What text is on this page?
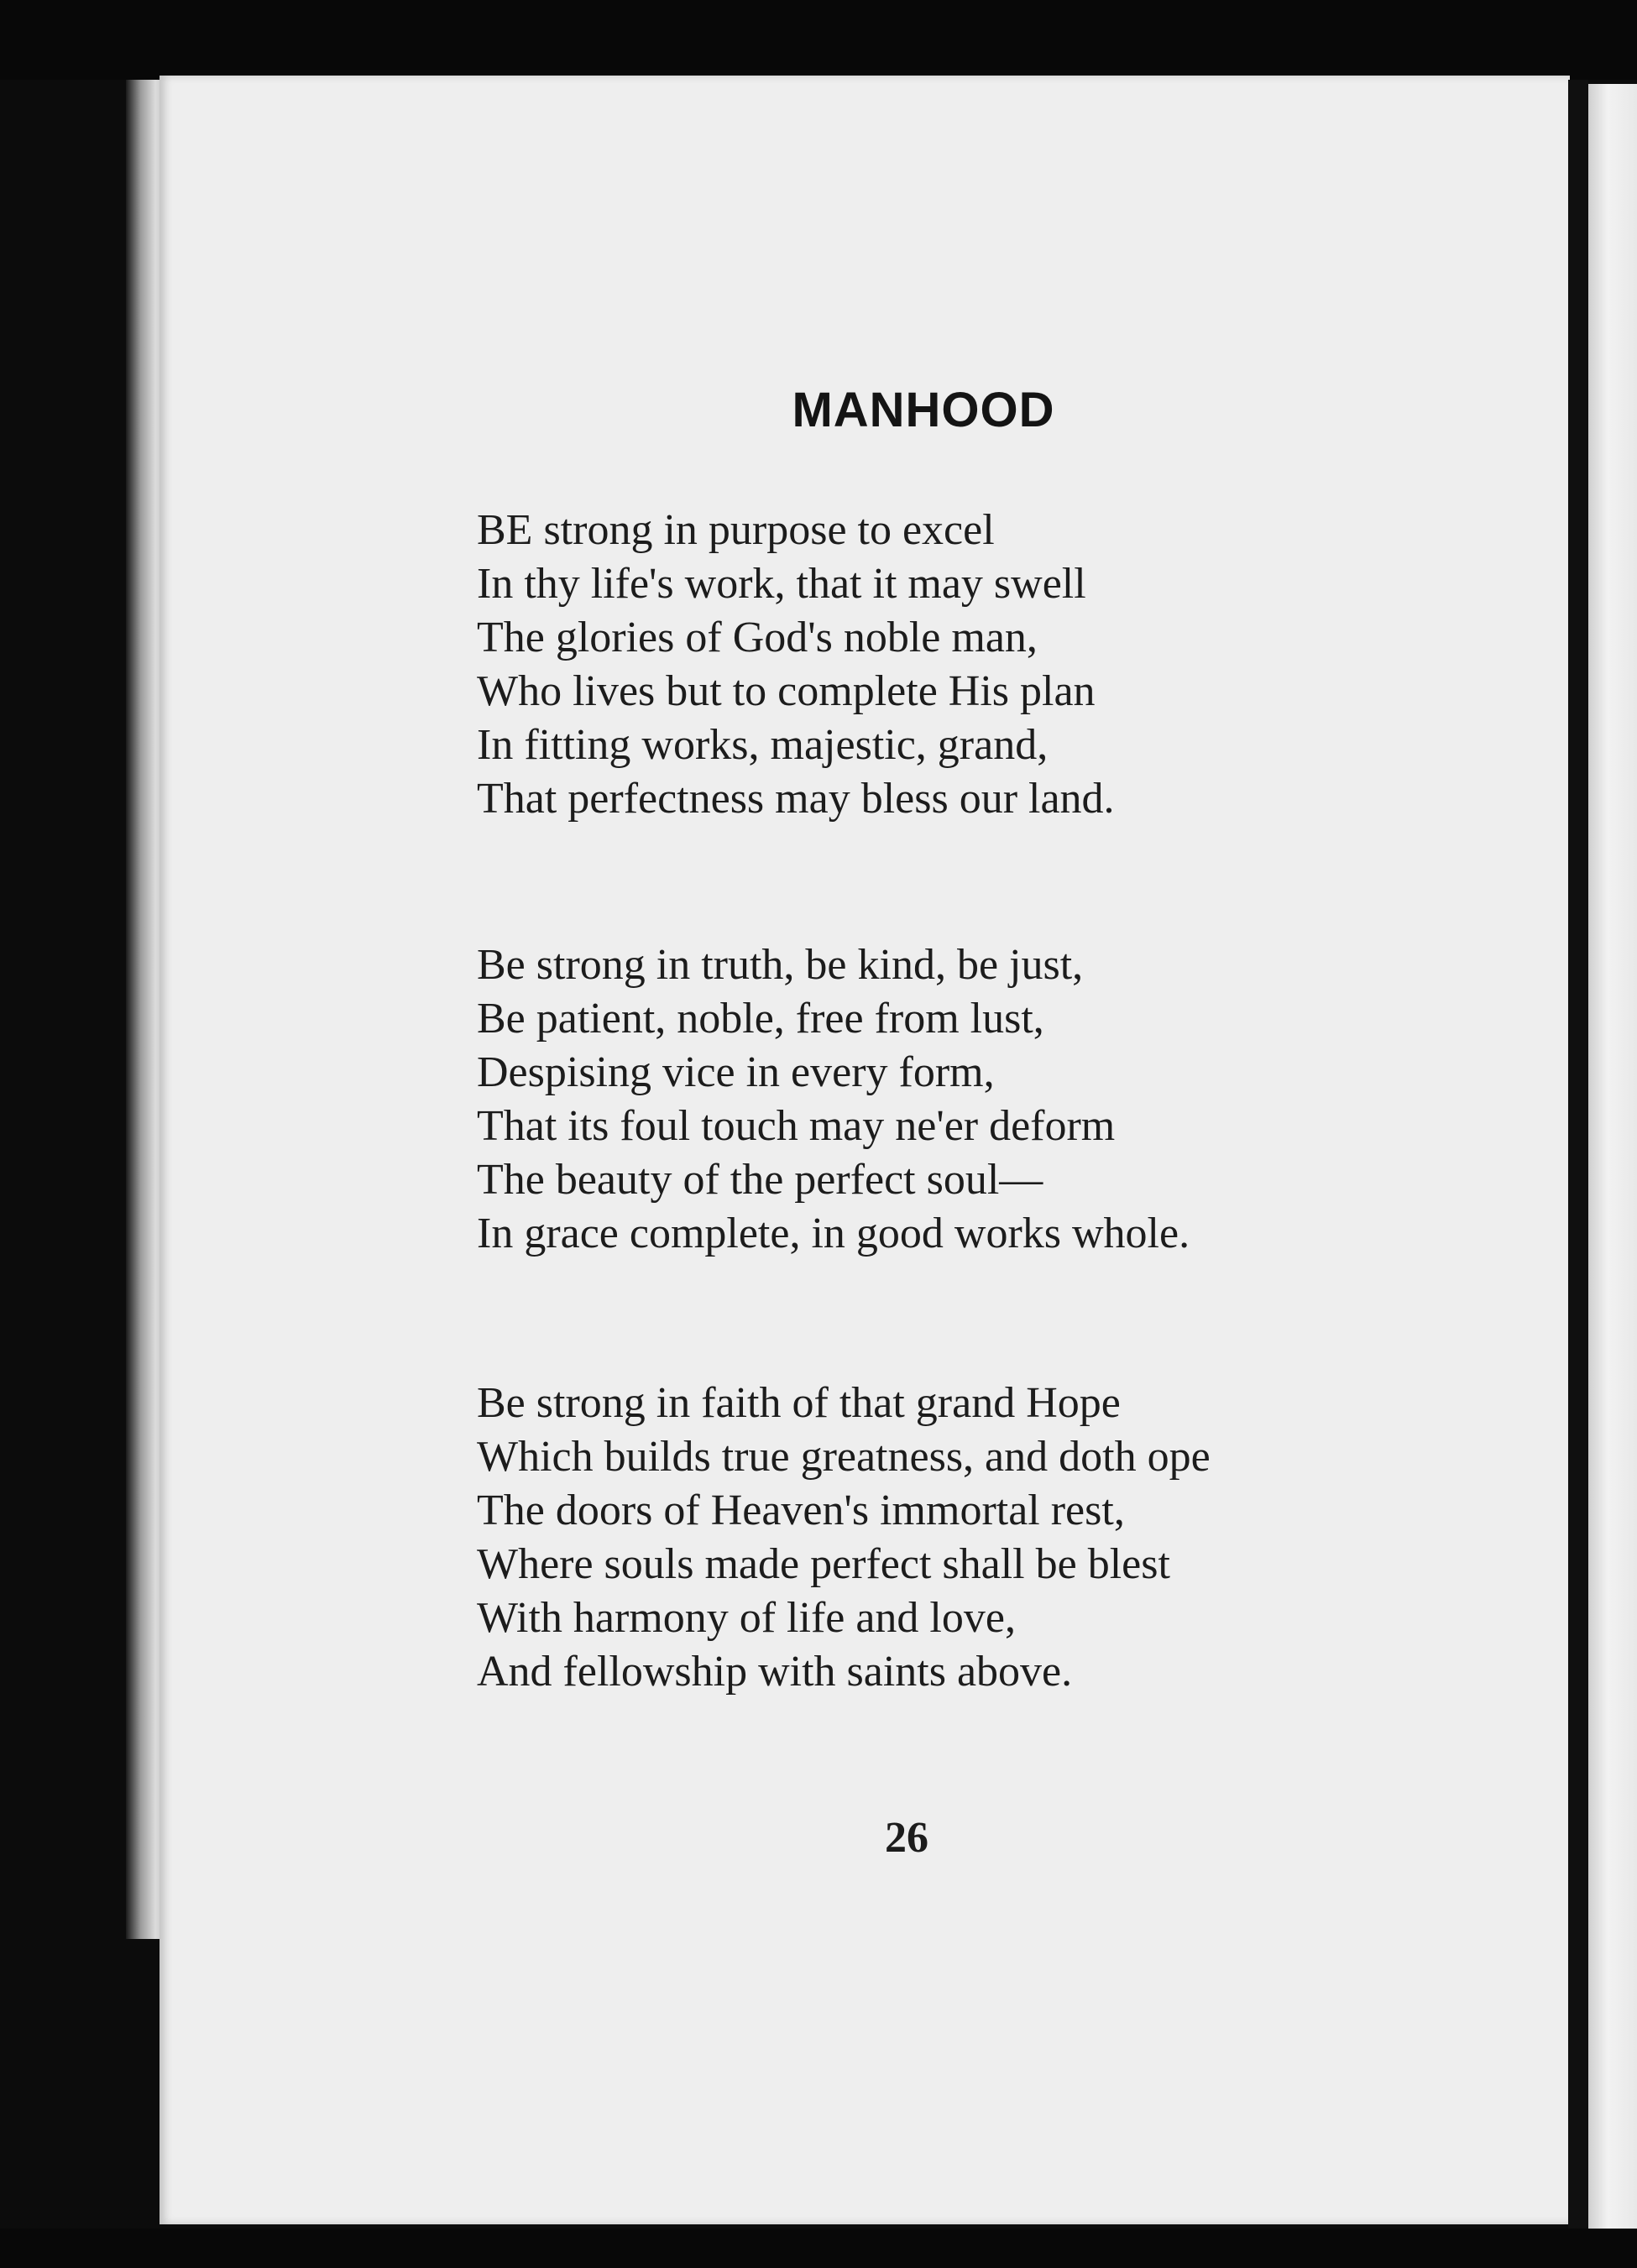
MANHOOD
BE strong in purpose to excel
In thy life's work, that it may swell
The glories of God's noble man,
Who lives but to complete His plan
In fitting works, majestic, grand,
That perfectness may bless our land.
Be strong in truth, be kind, be just,
Be patient, noble, free from lust,
Despising vice in every form,
That its foul touch may ne'er deform
The beauty of the perfect soul—
In grace complete, in good works whole.
Be strong in faith of that grand Hope
Which builds true greatness, and doth ope
The doors of Heaven's immortal rest,
Where souls made perfect shall be blest
With harmony of life and love,
And fellowship with saints above.
26
